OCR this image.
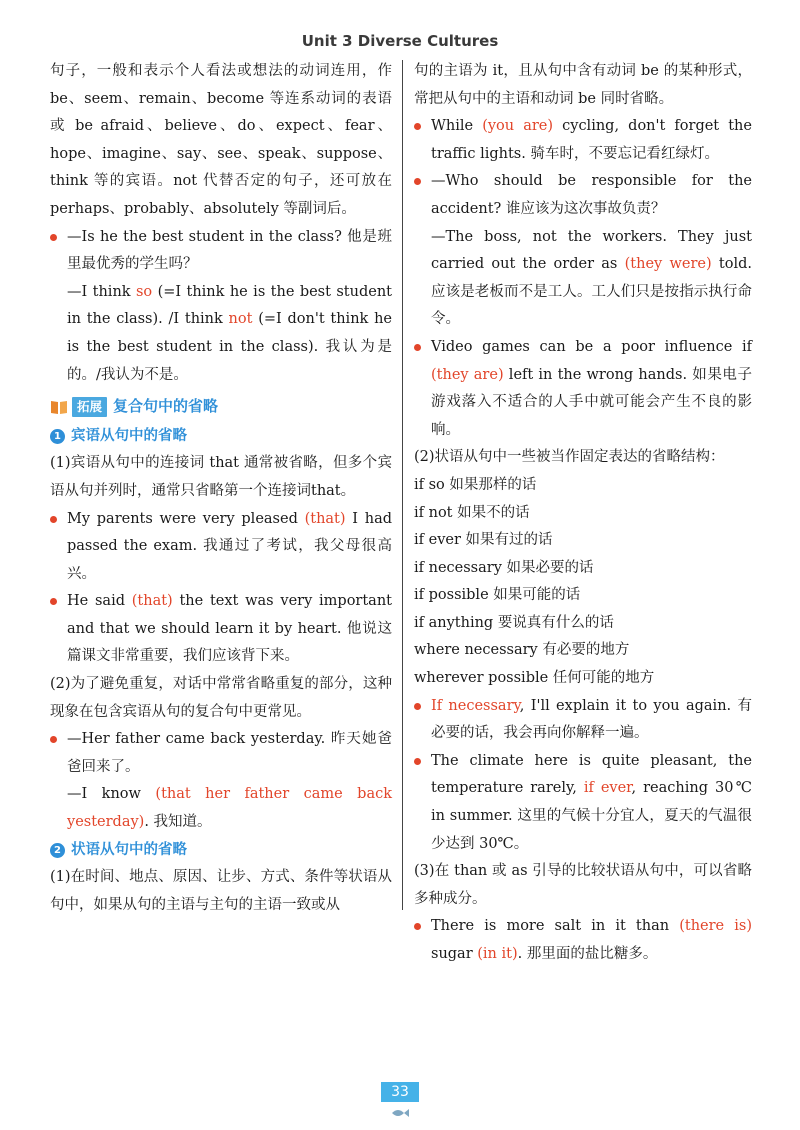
Unit 3 Diverse Cultures

句子，一般和表示个人看法或想法的动词连用，作be、seem、remain、become 等连系动词的表语或 be afraid、believe、do、expect、fear、hope、imagine、say、see、speak、suppose、think 等的宾语。not 代替否定的句子，还可放在 perhaps、probably、absolutely 等副词后。

—Is he the best student in the class? 他是班里最优秀的学生吗？

—I think so (=I think he is the best student in the class). /I think not (=I don't think he is the best student in the class). 我认为是的。/我认为不是。

拓展 复合句中的省略
1 宾语从句中的省略

(1)宾语从句中的连接词 that 通常被省略，但多个宾语从句并列时，通常只省略第一个连接词that。

My parents were very pleased (that) I had passed the exam. 我通过了考试，我父母很高兴。

He said (that) the text was very important and that we should learn it by heart. 他说这篇课文非常重要，我们应该背下来。

(2)为了避免重复，对话中常常省略重复的部分，这种现象在包含宾语从句的复合句中更常见。

—Her father came back yesterday. 昨天她爸爸回来了。

—I know (that her father came back yesterday). 我知道。

2 状语从句中的省略

(1)在时间、地点、原因、让步、方式、条件等状语从句中，如果从句的主语与主句的主语一致或从

句的主语为 it，且从句中含有动词 be 的某种形式，常把从句中的主语和动词 be 同时省略。

While (you are) cycling, don't forget the traffic lights. 骑车时，不要忘记看红绿灯。

—Who should be responsible for the accident? 谁应该为这次事故负责？

—The boss, not the workers. They just carried out the order as (they were) told. 应该是老板而不是工人。工人们只是按指示执行命令。

Video games can be a poor influence if (they are) left in the wrong hands. 如果电子游戏落入不适合的人手中就可能会产生不良的影响。

(2)状语从句中一些被当作固定表达的省略结构：

if so 如果那样的话
if not 如果不的话
if ever 如果有过的话
if necessary 如果必要的话
if possible 如果可能的话
if anything 要说真有什么的话
where necessary 有必要的地方
wherever possible 任何可能的地方

If necessary, I'll explain it to you again. 有必要的话，我会再向你解释一遍。

The climate here is quite pleasant, the temperature rarely, if ever, reaching 30℃ in summer. 这里的气候十分宜人，夏天的气温很少达到 30℃。

(3)在 than 或 as 引导的比较状语从句中，可以省略多种成分。

There is more salt in it than (there is) sugar (in it). 那里面的盐比糖多。

33
